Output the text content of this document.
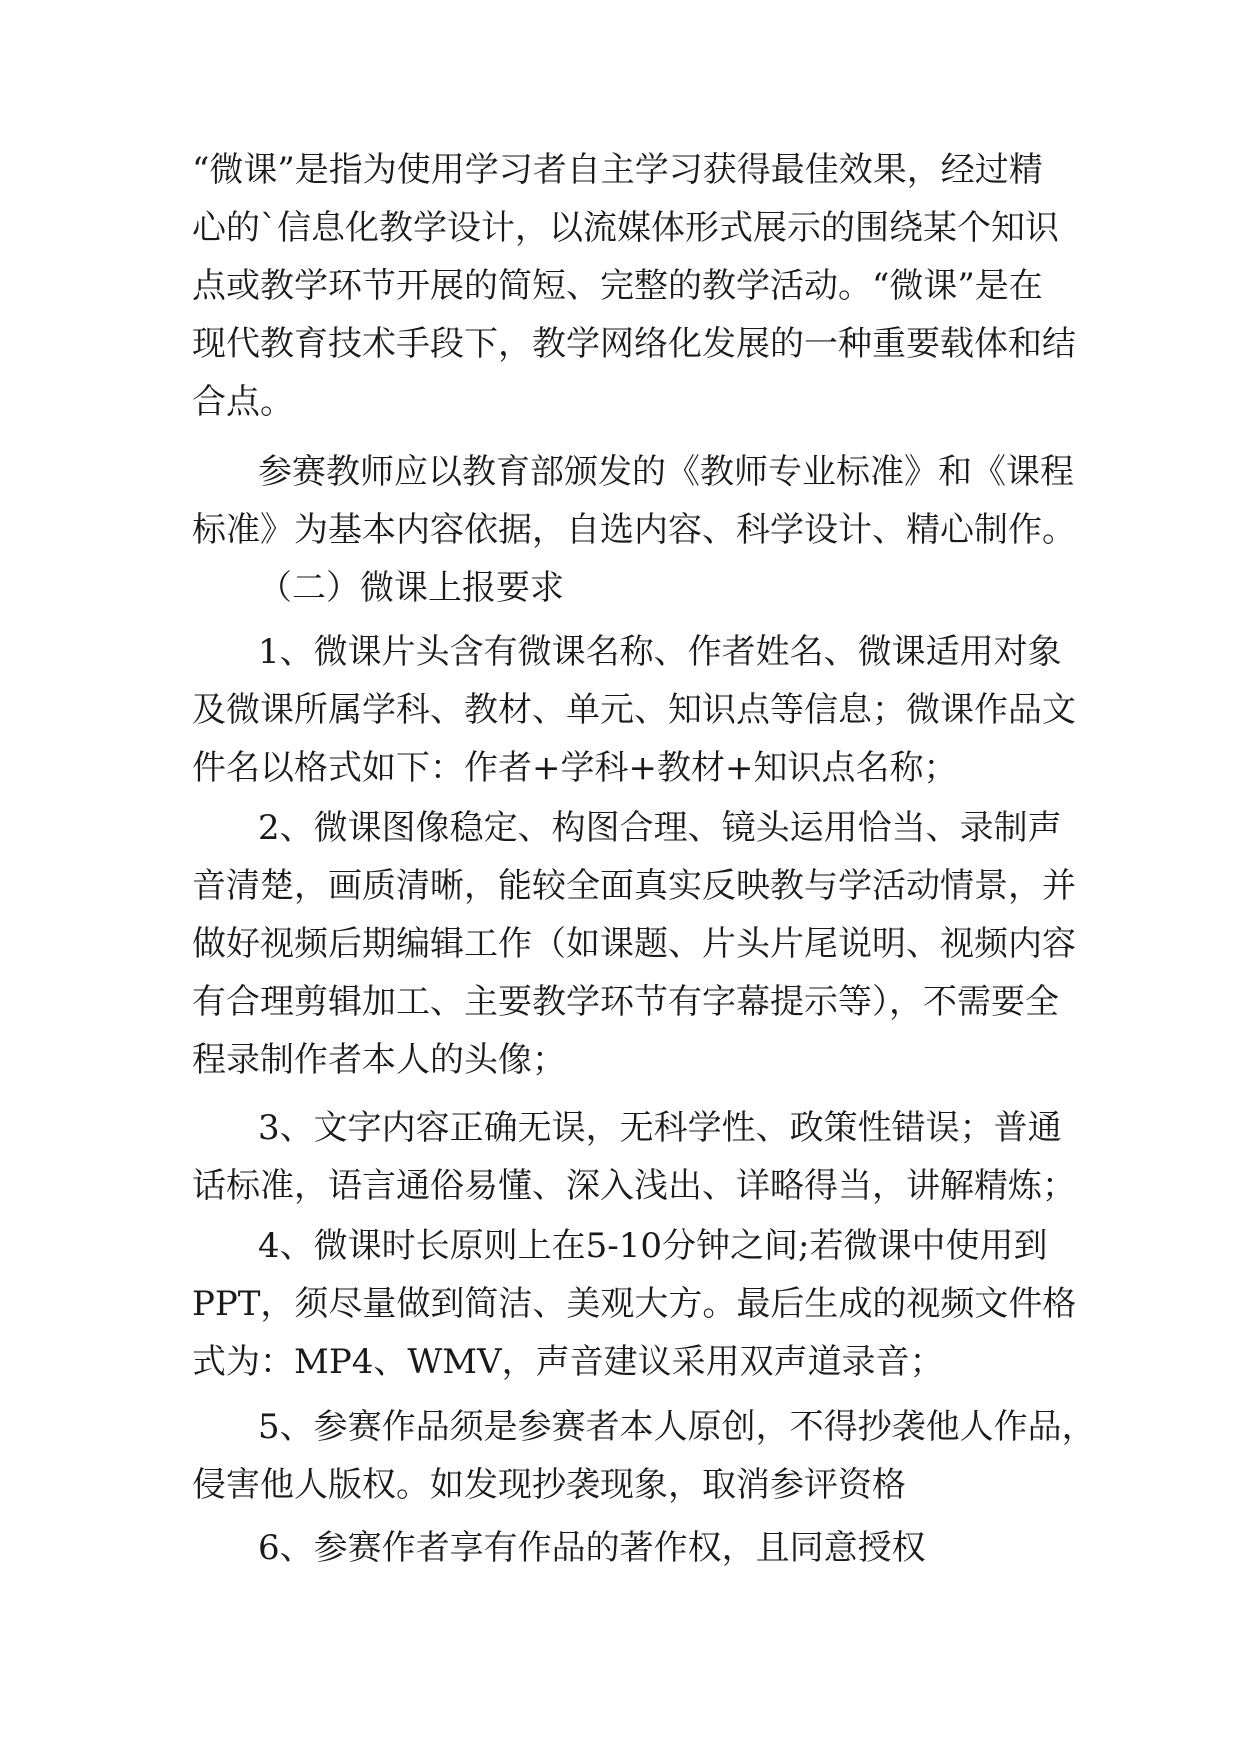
“微课”是指为使用学习者自主学习获得最佳效果，经过精
心的`信息化教学设计，以流媒体形式展示的围绕某个知识
点或教学环节开展的简短、完整的教学活动。“微课”是在
现代教育技术手段下，教学网络化发展的一种重要载体和结
合点。
参赛教师应以教育部颁发的《教师专业标准》和《课程
标准》为基本内容依据，自选内容、科学设计、精心制作。
（二）微课上报要求
1、微课片头含有微课名称、作者姓名、微课适用对象
及微课所属学科、教材、单元、知识点等信息；微课作品文
件名以格式如下：作者+学科+教材+知识点名称；
2、微课图像稳定、构图合理、镜头运用恰当、录制声
音清楚，画质清晰，能较全面真实反映教与学活动情景，并
做好视频后期编辑工作（如课题、片头片尾说明、视频内容
有合理剪辑加工、主要教学环节有字幕提示等），不需要全
程录制作者本人的头像；
3、文字内容正确无误，无科学性、政策性错误；普通
话标准，语言通俗易懂、深入浅出、详略得当，讲解精炼；
4、微课时长原则上在5-10分钟之间;若微课中使用到
PPT，须尽量做到简洁、美观大方。最后生成的视频文件格
式为：MP4、WMV，声音建议采用双声道录音；
5、参赛作品须是参赛者本人原创，不得抄袭他人作品，
侵害他人版权。如发现抄袭现象，取消参评资格
6、参赛作者享有作品的著作权，且同意授权
